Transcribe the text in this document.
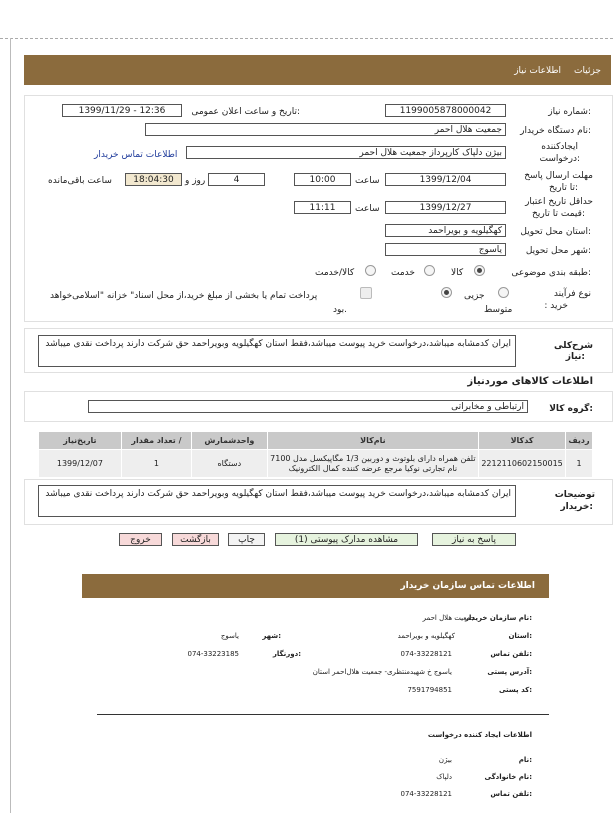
جزئیات
اطلاعات نیاز
شماره نیاز:
1199005878000042
تاریخ و ساعت اعلان عمومی:
1399/11/29 - 12:36
نام دستگاه خریدار:
جمعیت هلال احمر
ایجادکننده
درخواست:
بیژن دلپاک کارپرداز جمعیت هلال احمر
اطلاعات تماس خریدار
مهلت ارسال پاسخ
تا تاریخ:
1399/12/04
ساعت
10:00
4
روز و
18:04:30
ساعت باقی‌مانده
حداقل تاریخ اعتبار
قیمت تا تاریخ:
1399/12/27
ساعت
11:11
استان محل تحویل:
کهگیلویه و بویراحمد
شهر محل تحویل:
یاسوج
طبقه بندی موضوعی:
کالا
خدمت
کالا/خدمت
نوع فرآیند
: خرید
جزیی
متوسط
پرداخت تمام یا بخشی از مبلغ خرید،از محل اسناد" خزانه "اسلامی‌خواهد
بود.
شرح‌کلی
نیاز:
ایران کدمشابه میباشد،درخواست خرید پیوست میباشد،فقط استان کهگیلویه وبویراحمد حق شرکت دارند پرداخت نقدی میباشد
اطلاعات کالاهای موردنیاز
گروه کالا:
ارتباطی و مخابراتی
تاریخ‌نیاز	تعداد مقدار /	واحدشمارش	نام‌کالا	کدکالا	ردیف
1399/12/07	1	دستگاه	تلفن همراه دارای بلوتوث و دوربین 1/3 مگاپیکسل مدل 7100 نام تجارتی نوکیا مرجع عرضه کننده کمال الکترونیک	2212110602150015	1
توضیحات
خریدار:
ایران کدمشابه میباشد،درخواست خرید پیوست میباشد،فقط استان کهگیلویه وبویراحمد حق شرکت دارند پرداخت نقدی میباشد
پاسخ به نیاز
مشاهده مدارک پیوستی (1)
چاپ
بازگشت
خروج
اطلاعات تماس سازمان خریدار
نام سازمان خریدار:
جمعیت هلال احمر
استان:
کهگیلویه و بویراحمد
شهر:
یاسوج
تلفن تماس:
074-33228121
دورنگار:
074-33223185
آدرس پستی:
یاسوج خ شهیدمنتظری- جمعیت هلال‌احمر استان
کد پستی:
7591794851
اطلاعات ایجاد کننده درخواست
نام:
بیژن
نام خانوادگی:
دلپاک
تلفن تماس:
074-33228121
